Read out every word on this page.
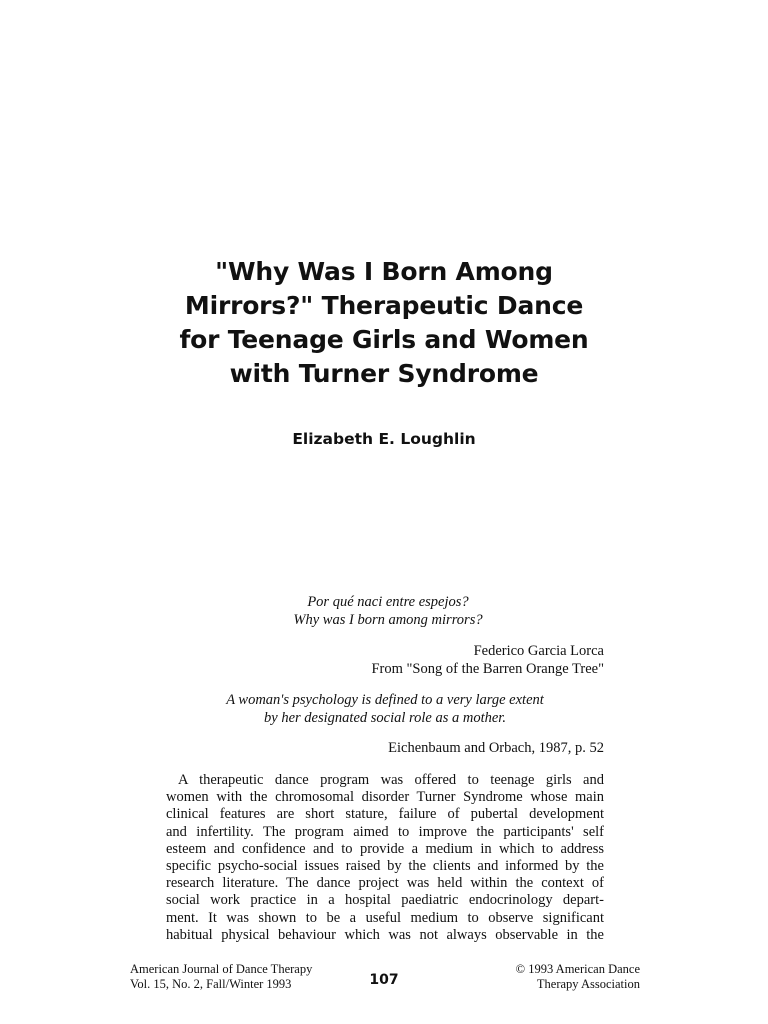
"Why Was I Born Among
Mirrors?" Therapeutic Dance
for Teenage Girls and Women
with Turner Syndrome
Elizabeth E. Loughlin
Por qué naci entre espejos?
Why was I born among mirrors?
Federico Garcia Lorca
From "Song of the Barren Orange Tree"
A woman's psychology is defined to a very large extent
by her designated social role as a mother.
Eichenbaum and Orbach, 1987, p. 52
A therapeutic dance program was offered to teenage girls and
women with the chromosomal disorder Turner Syndrome whose main
clinical features are short stature, failure of pubertal development
and infertility. The program aimed to improve the participants' self
esteem and confidence and to provide a medium in which to address
specific psycho-social issues raised by the clients and informed by the
research literature. The dance project was held within the context of
social work practice in a hospital paediatric endocrinology depart-
ment. It was shown to be a useful medium to observe significant
habitual physical behaviour which was not always observable in the
American Journal of Dance Therapy
Vol. 15, No. 2, Fall/Winter 1993	107
© 1993 American Dance
Therapy Association
